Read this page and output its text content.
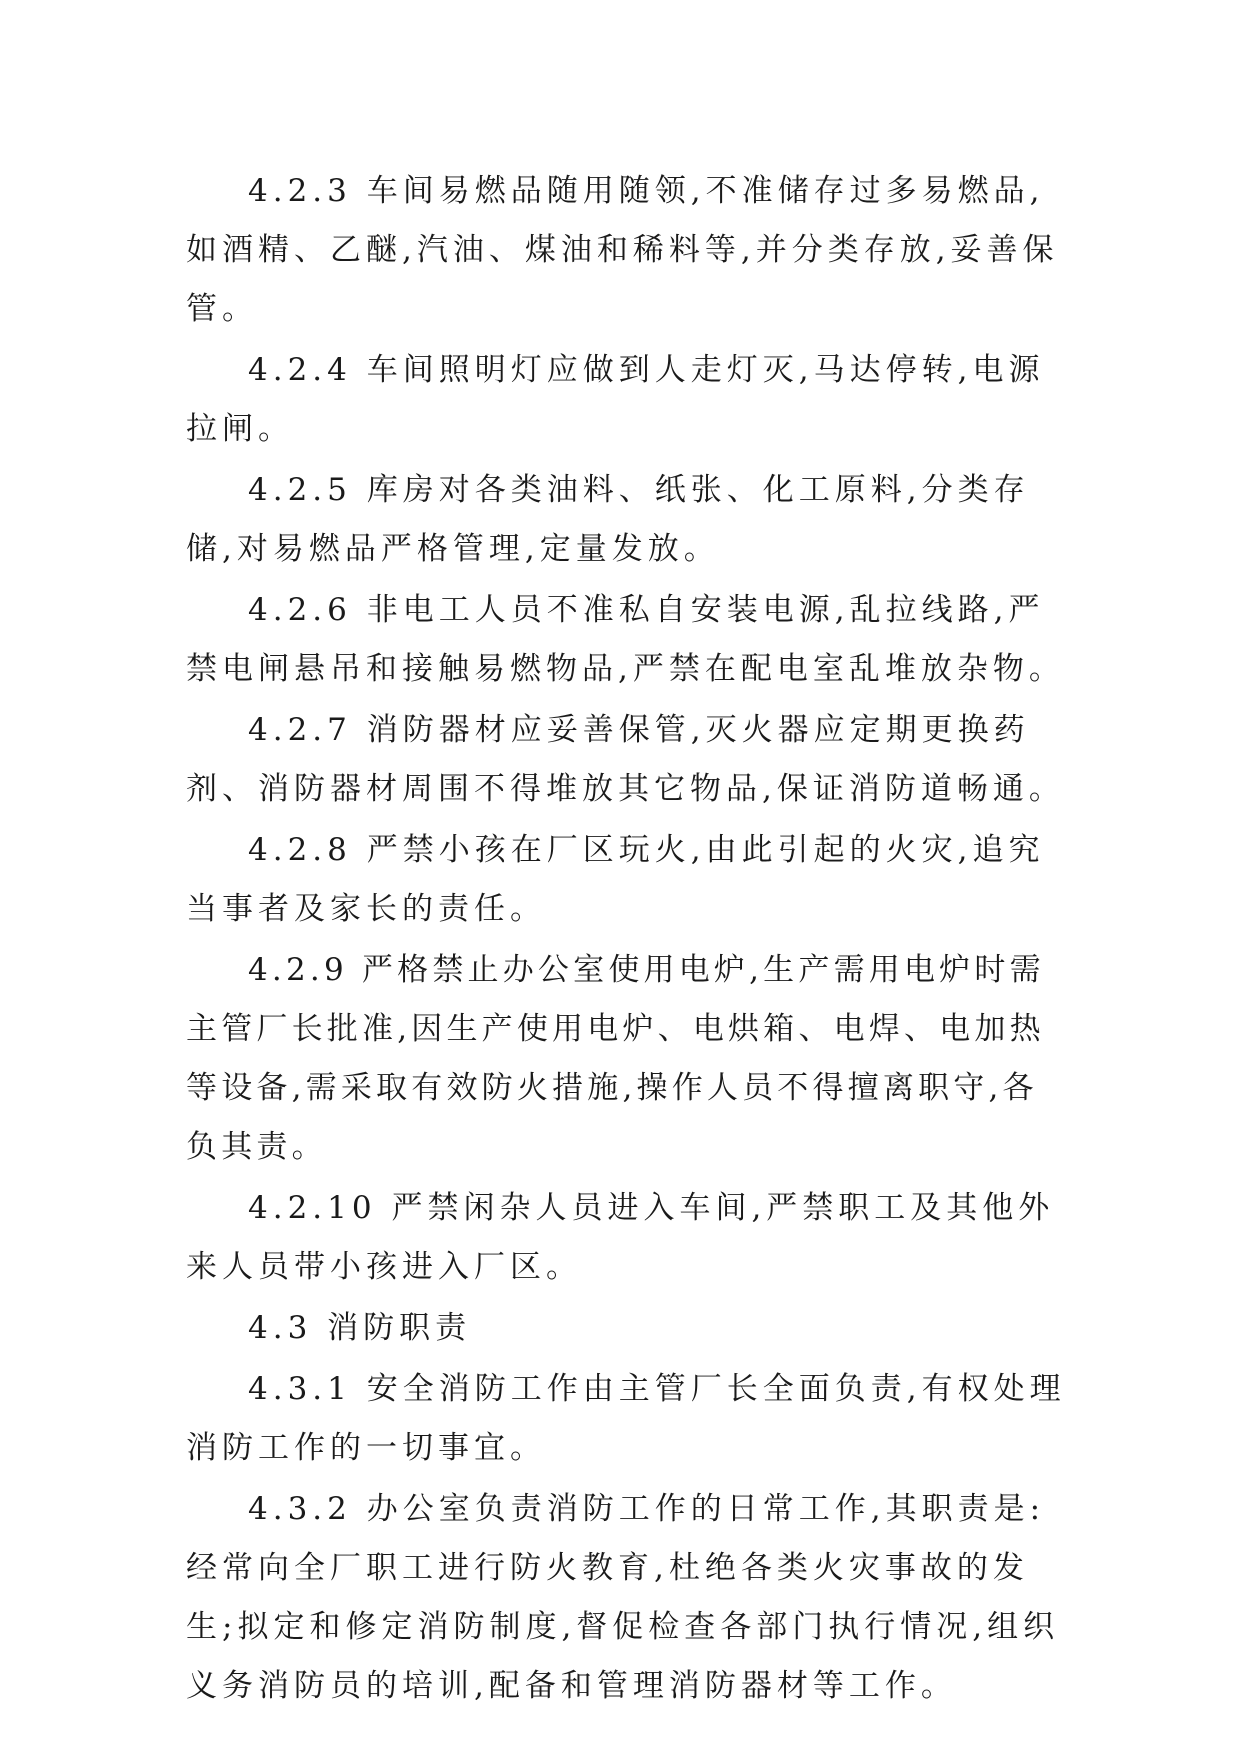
4.2.3 车间易燃品随用随领,不准储存过多易燃品,如酒精、乙醚,汽油、煤油和稀料等,并分类存放,妥善保管。

4.2.4 车间照明灯应做到人走灯灭,马达停转,电源拉闸。

4.2.5 库房对各类油料、纸张、化工原料,分类存储,对易燃品严格管理,定量发放。

4.2.6 非电工人员不准私自安装电源,乱拉线路,严禁电闸悬吊和接触易燃物品,严禁在配电室乱堆放杂物。

4.2.7 消防器材应妥善保管,灭火器应定期更换药剂、消防器材周围不得堆放其它物品,保证消防道畅通。

4.2.8 严禁小孩在厂区玩火,由此引起的火灾,追究当事者及家长的责任。

4.2.9 严格禁止办公室使用电炉,生产需用电炉时需主管厂长批准,因生产使用电炉、电烘箱、电焊、电加热等设备,需采取有效防火措施,操作人员不得擅离职守,各负其责。

4.2.10 严禁闲杂人员进入车间,严禁职工及其他外来人员带小孩进入厂区。

4.3 消防职责

4.3.1 安全消防工作由主管厂长全面负责,有权处理消防工作的一切事宜。

4.3.2 办公室负责消防工作的日常工作,其职责是:经常向全厂职工进行防火教育,杜绝各类火灾事故的发生;拟定和修定消防制度,督促检查各部门执行情况,组织义务消防员的培训,配备和管理消防器材等工作。
